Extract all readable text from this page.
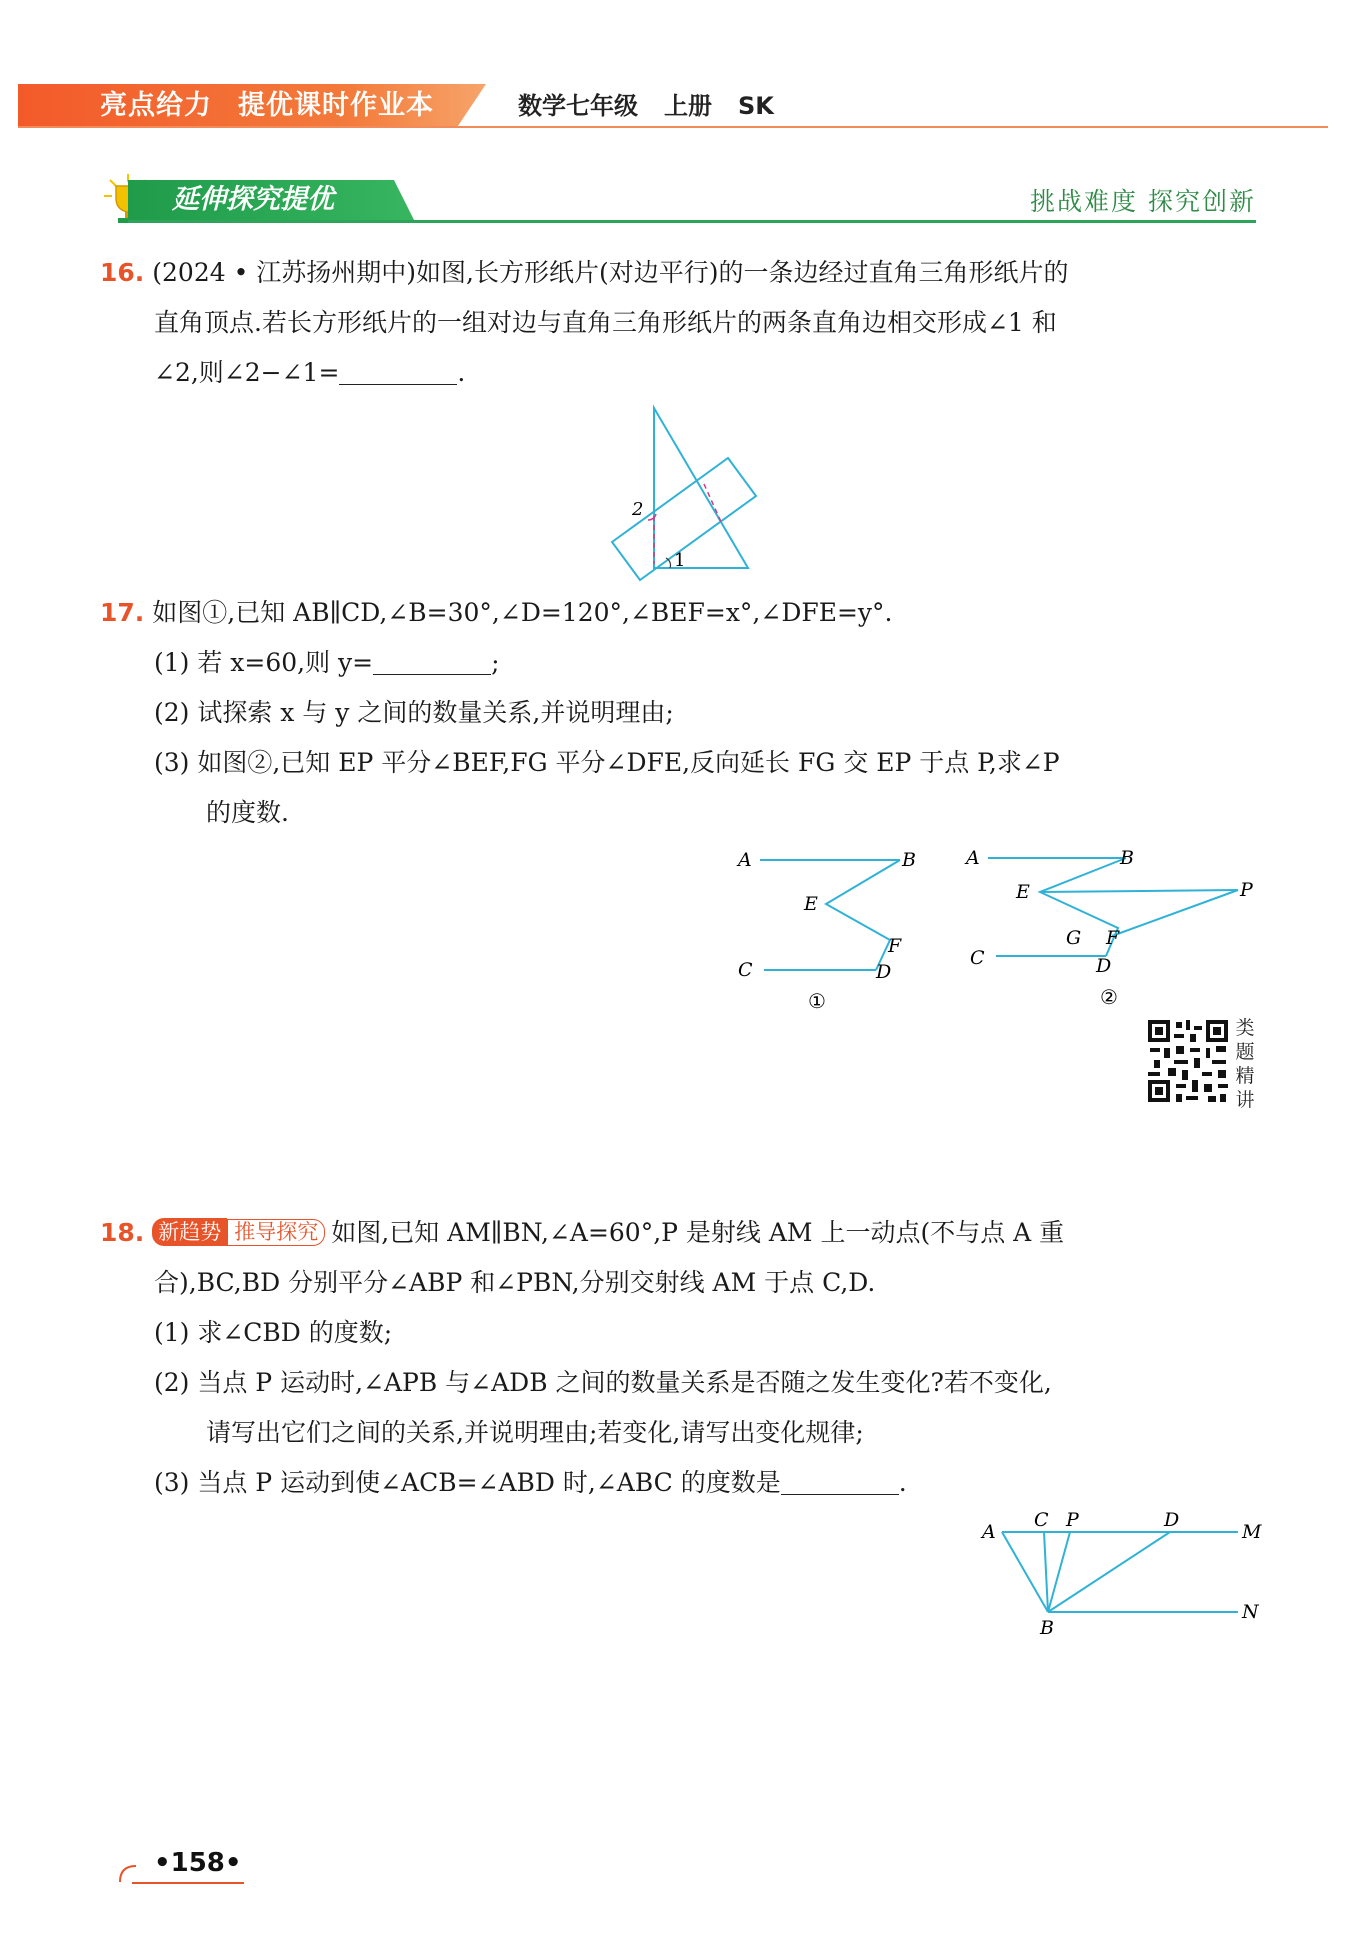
亮点给力 提优课时作业本	数学七年级 上册 SK
延伸探究提优	挑战难度 探究创新
16. (2024 • 江苏扬州期中)如图,长方形纸片(对边平行)的一条边经过直角三角形纸片的
直角顶点.若长方形纸片的一组对边与直角三角形纸片的两条直角边相交形成∠1 和
∠2,则∠2−∠1=	.
2
1
17. 如图①,已知 AB∥CD,∠B=30°,∠D=120°,∠BEF=x°,∠DFE=y°.
(1) 若 x=60,则 y=	;
(2) 试探索 x 与 y 之间的数量关系,并说明理由;
(3) 如图②,已知 EP 平分∠BEF,FG 平分∠DFE,反向延长 FG 交 EP 于点 P,求∠P
的度数.
A	B
E
F
C	D
①
A	B
E	P
G F
C	D
②
类
题
精
讲
18. 新趋势 推导探究 如图,已知 AM∥BN,∠A=60°,P 是射线 AM 上一动点(不与点 A 重
合),BC,BD 分别平分∠ABP 和∠PBN,分别交射线 AM 于点 C,D.
(1) 求∠CBD 的度数;
(2) 当点 P 运动时,∠APB 与∠ADB 之间的数量关系是否随之发生变化?若不变化,
请写出它们之间的关系,并说明理由;若变化,请写出变化规律;
(3) 当点 P 运动到使∠ACB=∠ABD 时,∠ABC 的度数是	.
A
C P	D
M
B
N
•158•
